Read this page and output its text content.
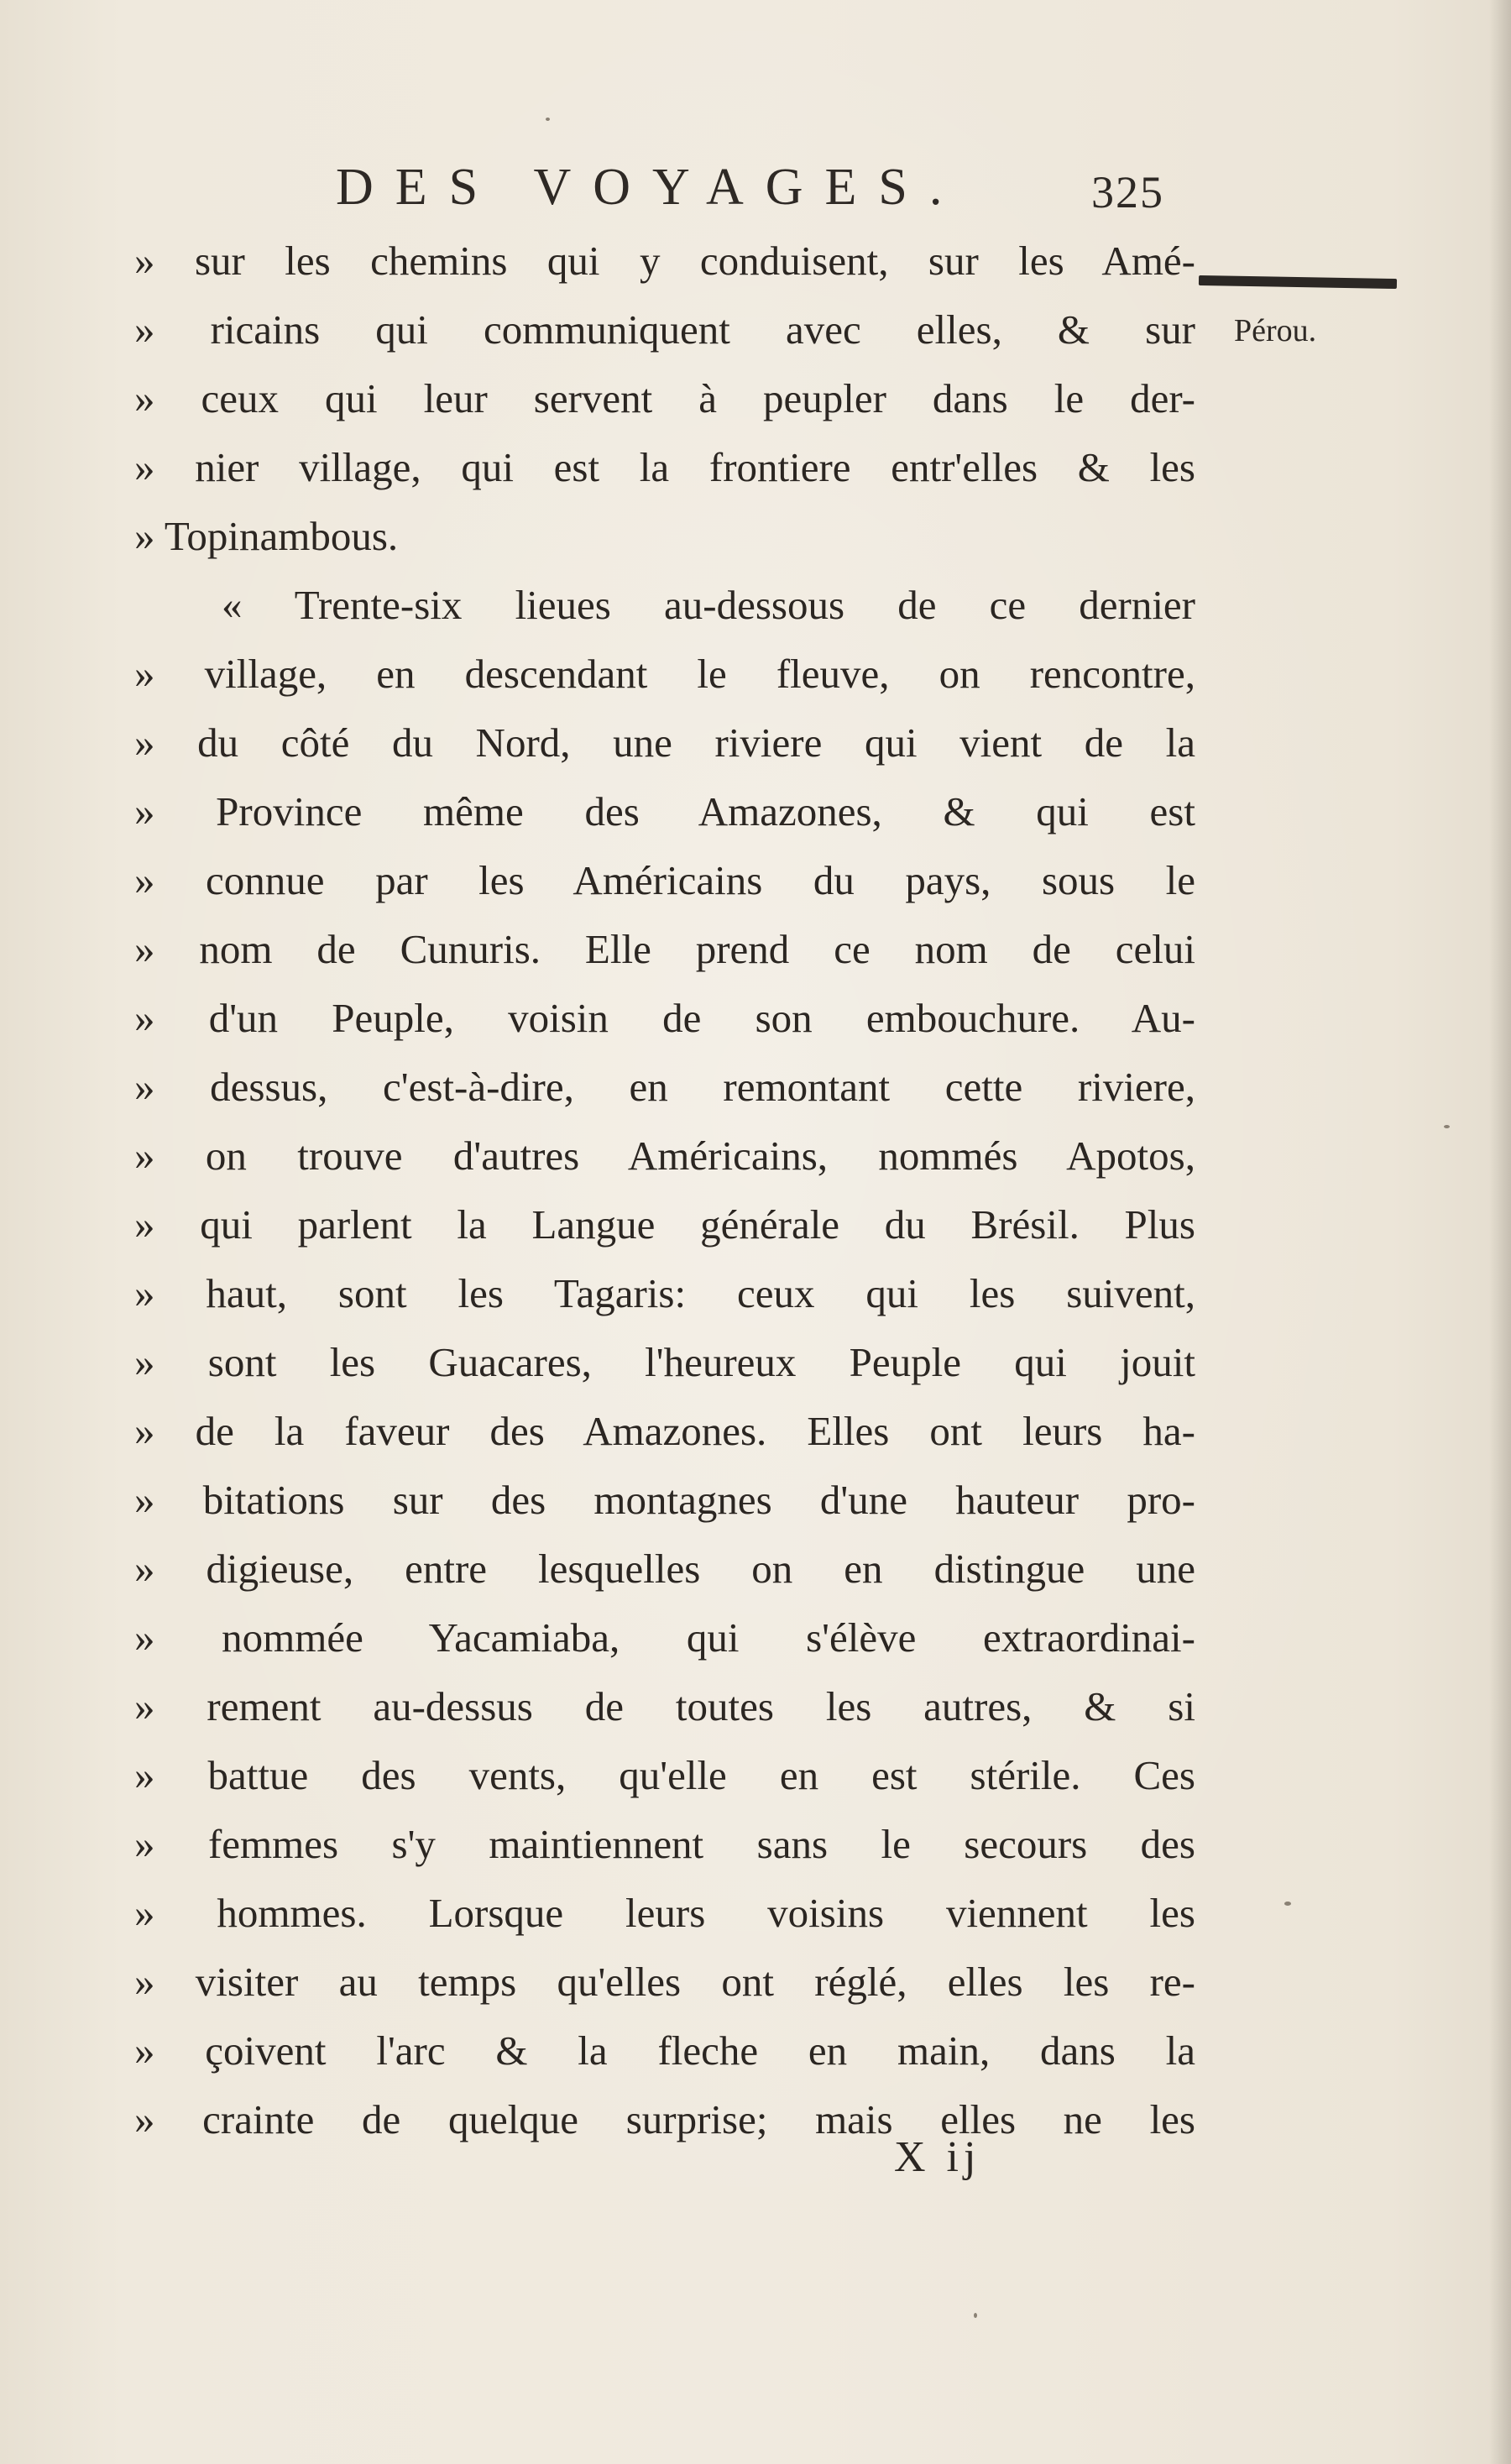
DES VOYAGES.	325
Pérou.
» sur les chemins qui y conduisent, sur les Amé-
» ricains qui communiquent avec elles, & sur
» ceux qui leur servent à peupler dans le der-
» nier village, qui est la frontiere entr'elles & les
» Topinambous.
« Trente-six lieues au-dessous de ce dernier
» village, en descendant le fleuve, on rencontre,
» du côté du Nord, une riviere qui vient de la
» Province même des Amazones, & qui est
» connue par les Américains du pays, sous le
» nom de Cunuris. Elle prend ce nom de celui
» d'un Peuple, voisin de son embouchure. Au-
» dessus, c'est-à-dire, en remontant cette riviere,
» on trouve d'autres Américains, nommés Apotos,
» qui parlent la Langue générale du Brésil. Plus
» haut, sont les Tagaris: ceux qui les suivent,
» sont les Guacares, l'heureux Peuple qui jouit
» de la faveur des Amazones. Elles ont leurs ha-
» bitations sur des montagnes d'une hauteur pro-
» digieuse, entre lesquelles on en distingue une
» nommée Yacamiaba, qui s'élève extraordinai-
» rement au-dessus de toutes les autres, & si
» battue des vents, qu'elle en est stérile. Ces
» femmes s'y maintiennent sans le secours des
» hommes. Lorsque leurs voisins viennent les
» visiter au temps qu'elles ont réglé, elles les re-
» çoivent l'arc & la fleche en main, dans la
» crainte de quelque surprise; mais elles ne les
X ij
